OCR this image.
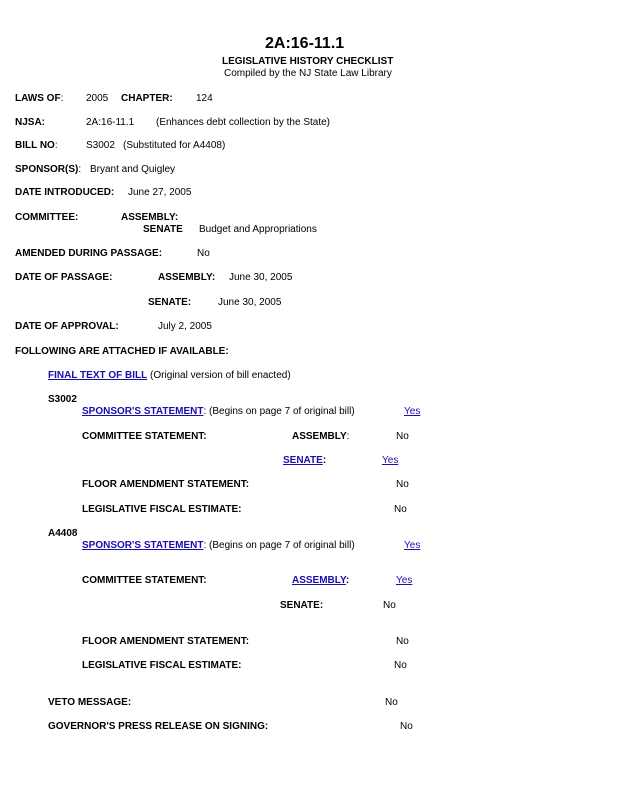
2A:16-11.1
LEGISLATIVE HISTORY CHECKLIST
Compiled by the NJ State Law Library
LAWS OF: 2005 CHAPTER: 124
NJSA:	2A:16-11.1 (Enhances debt collection by the State)
BILL NO:	S3002 (Substituted for A4408)
SPONSOR(S): Bryant and Quigley
DATE INTRODUCED: June 27, 2005
COMMITTEE:	ASSEMBLY:
SENATE Budget and Appropriations
AMENDED DURING PASSAGE:	No
DATE OF PASSAGE:	ASSEMBLY: June 30, 2005
SENATE:	June 30, 2005
DATE OF APPROVAL:	July 2, 2005
FOLLOWING ARE ATTACHED IF AVAILABLE:
FINAL TEXT OF BILL (Original version of bill enacted)
S3002
SPONSOR'S STATEMENT: (Begins on page 7 of original bill)	Yes
COMMITTEE STATEMENT:	ASSEMBLY:	No
SENATE:	Yes
FLOOR AMENDMENT STATEMENT:	No
LEGISLATIVE FISCAL ESTIMATE:	No
A4408
SPONSOR'S STATEMENT: (Begins on page 7 of original bill)	Yes
COMMITTEE STATEMENT:	ASSEMBLY:	Yes
SENATE:	No
FLOOR AMENDMENT STATEMENT:	No
LEGISLATIVE FISCAL ESTIMATE:	No
VETO MESSAGE:	No
GOVERNOR'S PRESS RELEASE ON SIGNING:	No
